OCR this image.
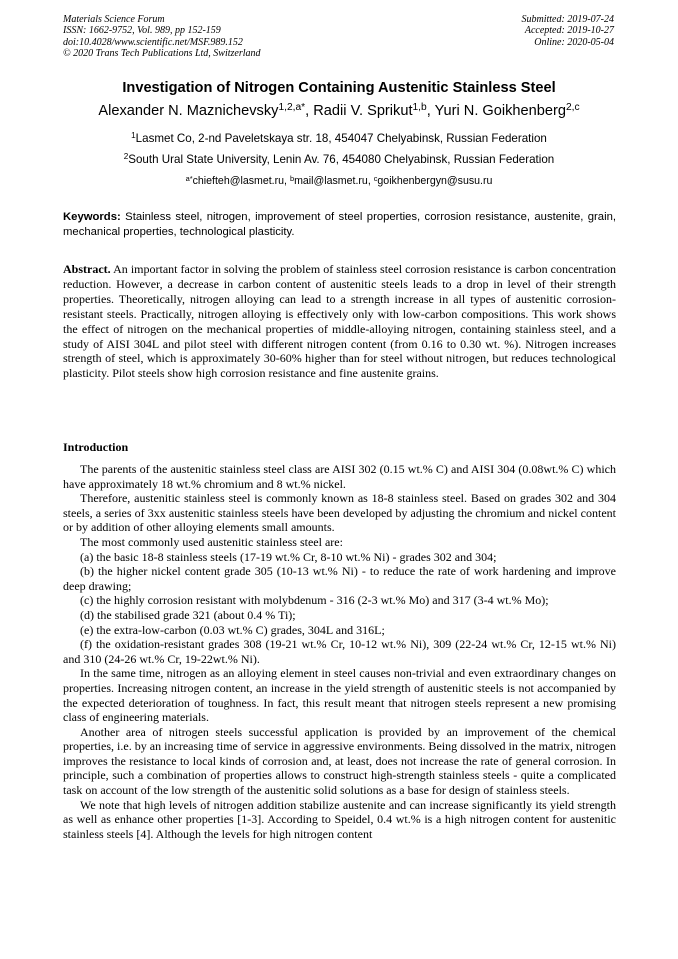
Materials Science Forum
ISSN: 1662-9752, Vol. 989, pp 152-159
doi:10.4028/www.scientific.net/MSF.989.152
© 2020 Trans Tech Publications Ltd, Switzerland
Submitted: 2019-07-24
Accepted: 2019-10-27
Online: 2020-05-04
Investigation of Nitrogen Containing Austenitic Stainless Steel
Alexander N. Maznichevsky$^{1,2,a*}$, Radii V. Sprikut$^{1,b}$, Yuri N. Goikhenberg$^{2,c}$
$^1$Lasmet Co, 2-nd Paveletskaya str. 18, 454047 Chelyabinsk, Russian Federation
$^2$South Ural State University, Lenin Av. 76, 454080 Chelyabinsk, Russian Federation
$^{a*}$chiefteh@lasmet.ru, $^b$mail@lasmet.ru, $^c$goikhenbergyn@susu.ru
Keywords: Stainless steel, nitrogen, improvement of steel properties, corrosion resistance, austenite, grain, mechanical properties, technological plasticity.
Abstract. An important factor in solving the problem of stainless steel corrosion resistance is carbon concentration reduction. However, a decrease in carbon content of austenitic steels leads to a drop in level of their strength properties. Theoretically, nitrogen alloying can lead to a strength increase in all types of austenitic corrosion-resistant steels. Practically, nitrogen alloying is effectively only with low-carbon compositions. This work shows the effect of nitrogen on the mechanical properties of middle-alloying nitrogen, containing stainless steel, and a study of AISI 304L and pilot steel with different nitrogen content (from 0.16 to 0.30 wt. %). Nitrogen increases strength of steel, which is approximately 30-60% higher than for steel without nitrogen, but reduces technological plasticity. Pilot steels show high corrosion resistance and fine austenite grains.
Introduction

The parents of the austenitic stainless steel class are AISI 302 (0.15 wt.% C) and AISI 304 (0.08wt.% C) which have approximately 18 wt.% chromium and 8 wt.% nickel.

Therefore, austenitic stainless steel is commonly known as 18-8 stainless steel. Based on grades 302 and 304 steels, a series of 3xx austenitic stainless steels have been developed by adjusting the chromium and nickel content or by addition of other alloying elements small amounts.

The most commonly used austenitic stainless steel are:

(a) the basic 18-8 stainless steels (17-19 wt.% Cr, 8-10 wt.% Ni) - grades 302 and 304;

(b) the higher nickel content grade 305 (10-13 wt.% Ni) - to reduce the rate of work hardening and improve deep drawing;

(c) the highly corrosion resistant with molybdenum - 316 (2-3 wt.% Mo) and 317 (3-4 wt.% Mo);

(d) the stabilised grade 321 (about 0.4 % Ti);

(e) the extra-low-carbon (0.03 wt.% C) grades, 304L and 316L;

(f) the oxidation-resistant grades 308 (19-21 wt.% Cr, 10-12 wt.% Ni), 309 (22-24 wt.% Cr, 12-15 wt.% Ni) and 310 (24-26 wt.% Cr, 19-22wt.% Ni).

In the same time, nitrogen as an alloying element in steel causes non-trivial and even extraordinary changes on properties. Increasing nitrogen content, an increase in the yield strength of austenitic steels is not accompanied by the expected deterioration of toughness. In fact, this result meant that nitrogen steels represent a new promising class of engineering materials.

Another area of nitrogen steels successful application is provided by an improvement of the chemical properties, i.e. by an increasing time of service in aggressive environments. Being dissolved in the matrix, nitrogen improves the resistance to local kinds of corrosion and, at least, does not increase the rate of general corrosion. In principle, such a combination of properties allows to construct high-strength stainless steels - quite a complicated task on account of the low strength of the austenitic solid solutions as a base for design of stainless steels.

We note that high levels of nitrogen addition stabilize austenite and can increase significantly its yield strength as well as enhance other properties [1-3]. According to Speidel, 0.4 wt.% is a high nitrogen content for austenitic stainless steels [4]. Although the levels for high nitrogen content
